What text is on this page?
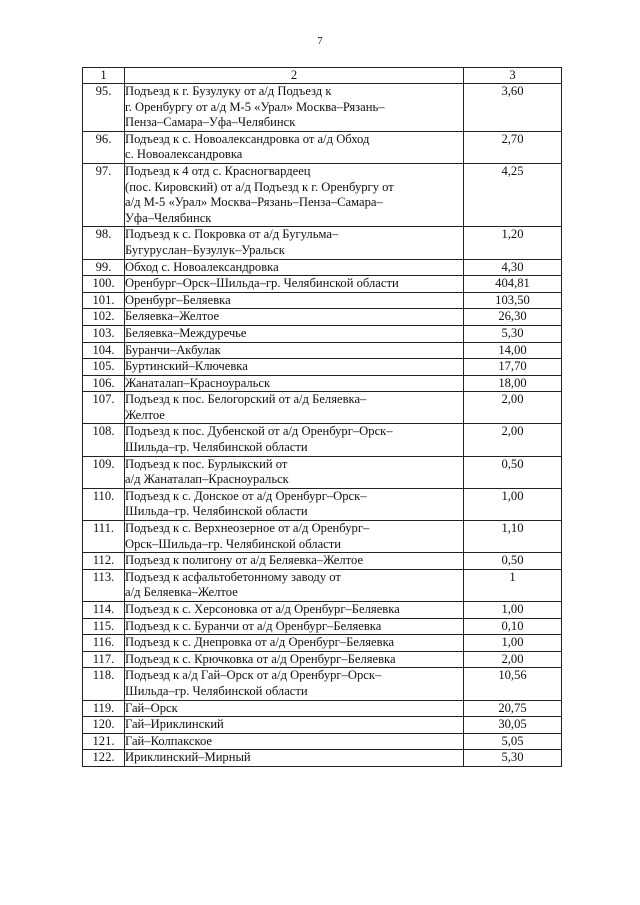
7
1	2	3
95.	Подъезд к г. Бузулуку от а/д Подъезд к
г. Оренбургу от а/д М-5 «Урал» Москва–Рязань–
Пенза–Самара–Уфа–Челябинск	3,60
96.	Подъезд к с. Новоалександровка от а/д Обход
с. Новоалександровка	2,70
97.	Подъезд к 4 отд с. Красногвардеец
(пос. Кировский) от а/д Подъезд к г. Оренбургу от
а/д М-5 «Урал» Москва–Рязань–Пенза–Самара–
Уфа–Челябинск	4,25
98.	Подъезд к с. Покровка от а/д Бугульма–
Бугуруслан–Бузулук–Уральск	1,20
99.	Обход с. Новоалександровка	4,30
100.	Оренбург–Орск–Шильда–гр. Челябинской области	404,81
101.	Оренбург–Беляевка	103,50
102.	Беляевка–Желтое	26,30
103.	Беляевка–Междуречье	5,30
104.	Буранчи–Акбулак	14,00
105.	Буртинский–Ключевка	17,70
106.	Жанаталап–Красноуральск	18,00
107.	Подъезд к пос. Белогорский от а/д Беляевка–
Желтое	2,00
108.	Подъезд к пос. Дубенской от а/д Оренбург–Орск–
Шильда–гр. Челябинской области	2,00
109.	Подъезд к пос. Бурлыкский от
а/д Жанаталап–Красноуральск	0,50
110.	Подъезд к с. Донское от а/д Оренбург–Орск–
Шильда–гр. Челябинской области	1,00
111.	Подъезд к с. Верхнеозерное от а/д Оренбург–
Орск–Шильда–гр. Челябинской области	1,10
112.	Подъезд к полигону от а/д Беляевка–Желтое	0,50
113.	Подъезд к асфальтобетонному заводу от
а/д Беляевка–Желтое	1
114.	Подъезд к с. Херсоновка от а/д Оренбург–Беляевка	1,00
115.	Подъезд к с. Буранчи от а/д Оренбург–Беляевка	0,10
116.	Подъезд к с. Днепровка от а/д Оренбург–Беляевка	1,00
117.	Подъезд к с. Крючковка от а/д Оренбург–Беляевка	2,00
118.	Подъезд к а/д Гай–Орск от а/д Оренбург–Орск–
Шильда–гр. Челябинской области	10,56
119.	Гай–Орск	20,75
120.	Гай–Ириклинский	30,05
121.	Гай–Колпакское	5,05
122.	Ириклинский–Мирный	5,30
